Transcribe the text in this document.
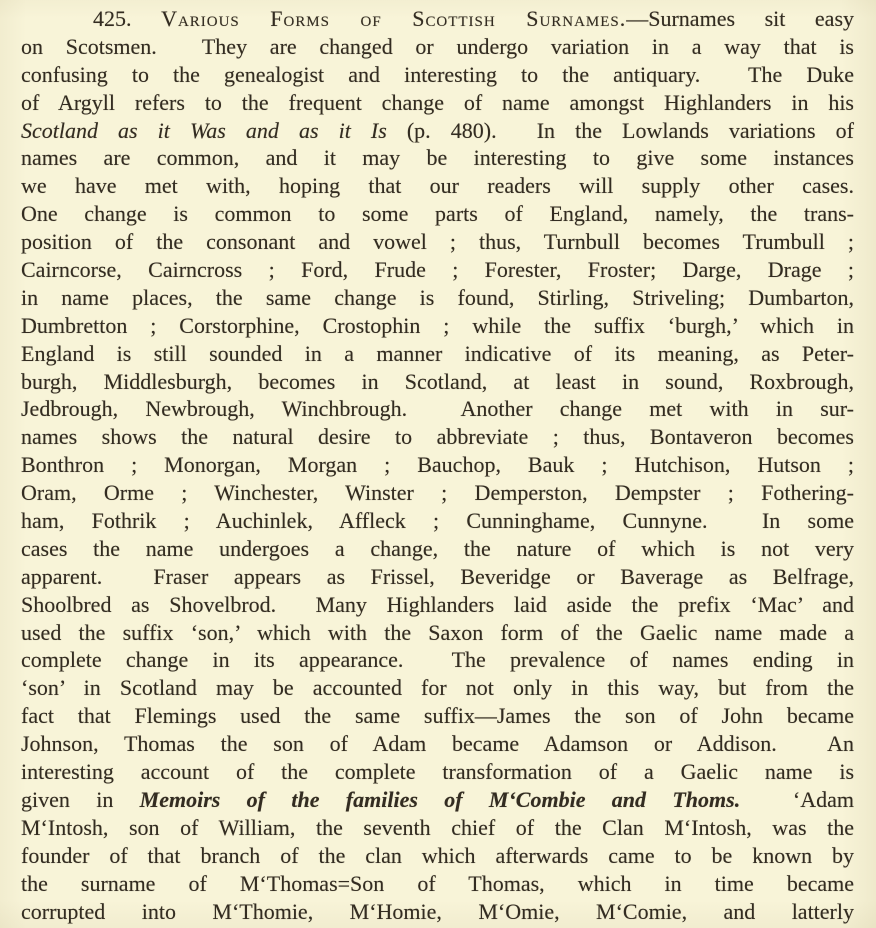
425. Various Forms of Scottish Surnames.—Surnames sit easy
on Scotsmen.  They are changed or undergo variation in a way that is
confusing to the genealogist and interesting to the antiquary.  The Duke
of Argyll refers to the frequent change of name amongst Highlanders in his
Scotland as it Was and as it Is (p. 480).  In the Lowlands variations of
names are common, and it may be interesting to give some instances
we have met with, hoping that our readers will supply other cases.
One change is common to some parts of England, namely, the trans-
position of the consonant and vowel ; thus, Turnbull becomes Trumbull ;
Cairncorse, Cairncross ; Ford, Frude ; Forester, Froster; Darge, Drage ;
in name places, the same change is found, Stirling, Striveling; Dumbarton,
Dumbretton ; Corstorphine, Crostophin ; while the suffix ‘burgh,’ which in
England is still sounded in a manner indicative of its meaning, as Peter-
burgh, Middlesburgh, becomes in Scotland, at least in sound, Roxbrough,
Jedbrough, Newbrough, Winchbrough.  Another change met with in sur-
names shows the natural desire to abbreviate ; thus, Bontaveron becomes
Bonthron ; Monorgan, Morgan ; Bauchop, Bauk ; Hutchison, Hutson ;
Oram, Orme ; Winchester, Winster ; Demperston, Dempster ; Fothering-
ham, Fothrik ; Auchinlek, Affleck ; Cunninghame, Cunnyne.  In some
cases the name undergoes a change, the nature of which is not very
apparent.  Fraser appears as Frissel, Beveridge or Baverage as Belfrage,
Shoolbred as Shovelbrod.  Many Highlanders laid aside the prefix ‘Mac’ and
used the suffix ‘son,’ which with the Saxon form of the Gaelic name made a
complete change in its appearance.  The prevalence of names ending in
‘son’ in Scotland may be accounted for not only in this way, but from the
fact that Flemings used the same suffix—James the son of John became
Johnson, Thomas the son of Adam became Adamson or Addison.  An
interesting account of the complete transformation of a Gaelic name is
given in Memoirs of the families of M‘Combie and Thoms.  ‘Adam
M‘Intosh, son of William, the seventh chief of the Clan M‘Intosh, was the
founder of that branch of the clan which afterwards came to be known by
the surname of M‘Thomas=Son of Thomas, which in time became
corrupted into M‘Thomie, M‘Homie, M‘Omie, M‘Comie, and latterly
